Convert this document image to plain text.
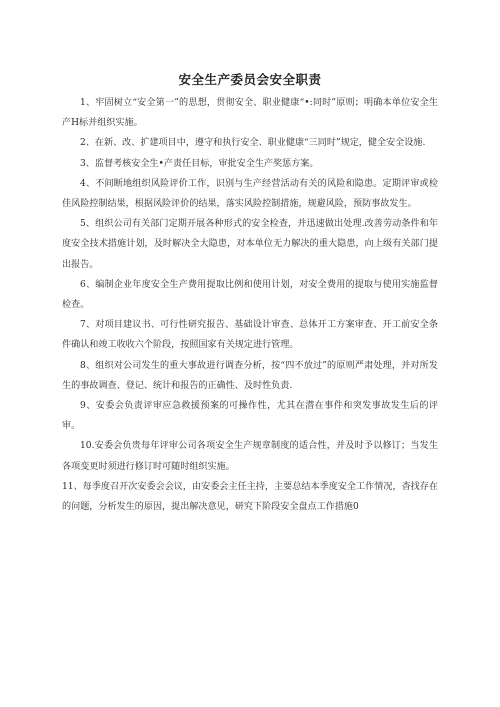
安全生产委员会安全职责

1、牢固树立“安全第一”的思想，贯彻安全、职业健康“•:同时”原则；明确本单位安全生产H标并组织实施。

2、在新、改、扩建项目中，遵守和执行安全、职业健康“三同时”规定，健全安全设施.

3、监督考核安全生•产责任目标，审批安全生产奖惩方案。

4、不间断地组织风险评价工作，识别与生产经营活动有关的风险和隐患。定期评审或检佳风险控制结果，根据风险评价的结果，落实风险控制措施，规避风险，预防事故发生。

5、组织公司有关部门定期开展各种形式的安全检查，并迅速做出处理.改善劳动条件和年度安全技术措施计划，及时解决全大隐患，对本单位无力解决的重大隐患，向上级有关部门提出报告。

6、编制企业年度安全生产费用提取比例和使用计划，对安全费用的提取与使用实施监督检查。

7、对项目建议书、可行性研究报告、基础设计审查、总体开工方案审查、开工前安全条件确认和竣工收收六个阶段，按照国家有关规定进行管理。

8、组织对公司发生的重大事故进行调查分析，按“四不放过”的原则严肃处理，并对所发生的事故调查、登记、统计和报告的正确性、及时性负责.

9、安委会负责评审应急救援预案的可操作性，尤其在潜在事件和突发事故发生后的评审。

10.安委会负贵每年评审公司各项安全生产规章制度的适合性，并及时予以修订；当发生各项变更时须进行修订时可随时组织实施。

11、每季度召开次安委会会议，由安委会主任主持，主要总结本季度安全工作情况，杳找存在的问题，分析发生的原因，提出解决意见，研究下阶段安全盘点工作措施0
